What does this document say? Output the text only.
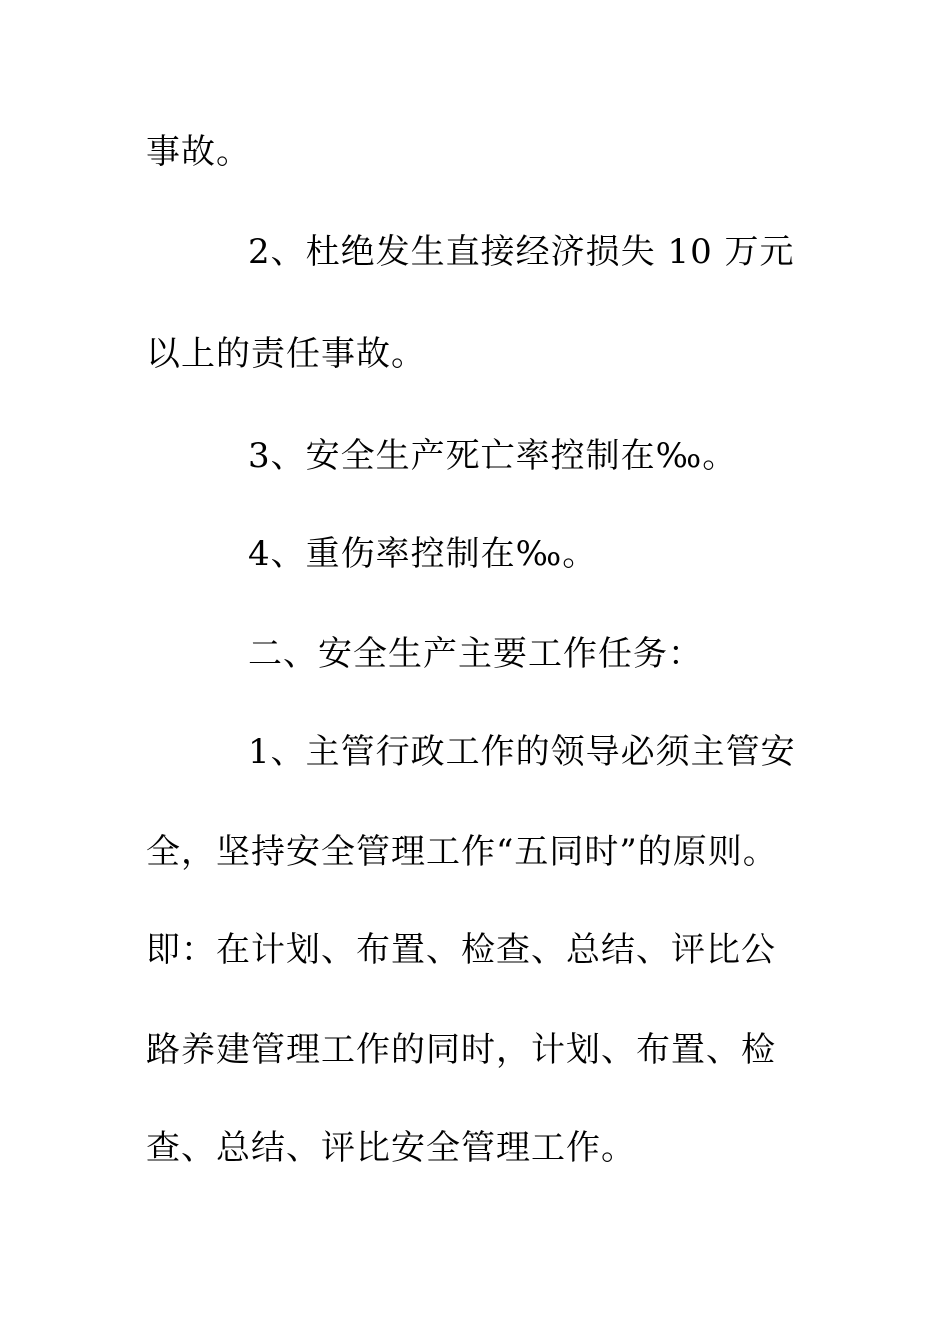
事故。
2、杜绝发生直接经济损失 10 万元
以上的责任事故。
3、安全生产死亡率控制在‰。
4、重伤率控制在‰。
二、安全生产主要工作任务：
1、主管行政工作的领导必须主管安
全，坚持安全管理工作“五同时”的原则。
即：在计划、布置、检查、总结、评比公
路养建管理工作的同时，计划、布置、检
查、总结、评比安全管理工作。
